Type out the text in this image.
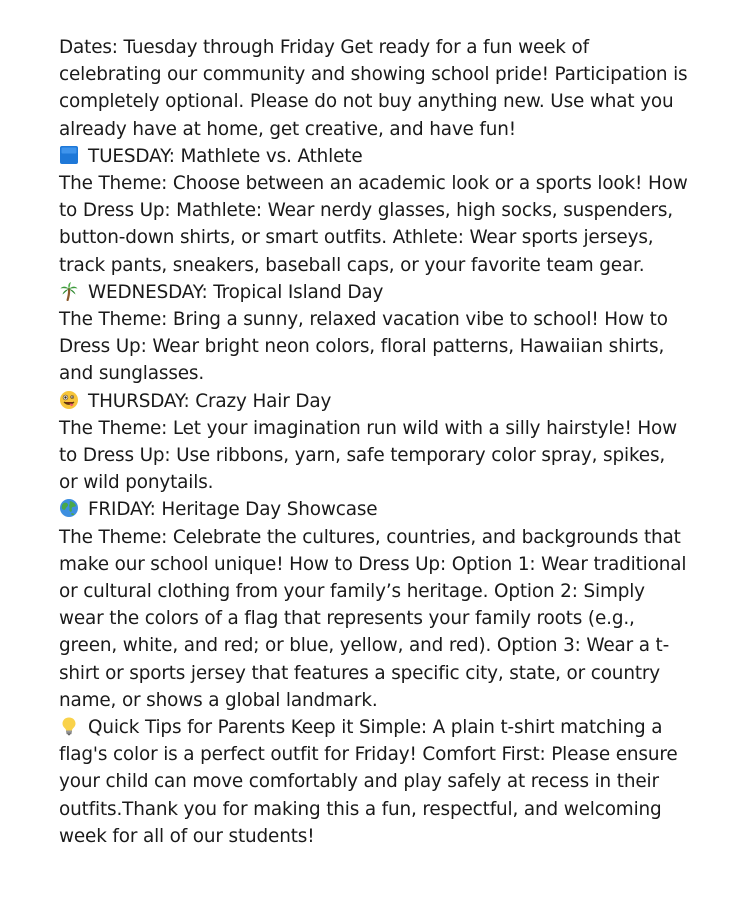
Dates: Tuesday through Friday Get ready for a fun week of celebrating our community and showing school pride! Participation is completely optional. Please do not buy anything new. Use what you already have at home, get creative, and have fun!
TUESDAY: Mathlete vs. Athlete
The Theme: Choose between an academic look or a sports look! How to Dress Up: Mathlete: Wear nerdy glasses, high socks, suspenders, button-down shirts, or smart outfits. Athlete: Wear sports jerseys, track pants, sneakers, baseball caps, or your favorite team gear.
WEDNESDAY: Tropical Island Day
The Theme: Bring a sunny, relaxed vacation vibe to school! How to Dress Up: Wear bright neon colors, floral patterns, Hawaiian shirts, and sunglasses.
THURSDAY: Crazy Hair Day
The Theme: Let your imagination run wild with a silly hairstyle! How to Dress Up: Use ribbons, yarn, safe temporary color spray, spikes, or wild ponytails.
FRIDAY: Heritage Day Showcase
The Theme: Celebrate the cultures, countries, and backgrounds that make our school unique! How to Dress Up: Option 1: Wear traditional or cultural clothing from your family’s heritage. Option 2: Simply wear the colors of a flag that represents your family roots (e.g., green, white, and red; or blue, yellow, and red). Option 3: Wear a t-shirt or sports jersey that features a specific city, state, or country name, or shows a global landmark.
Quick Tips for Parents Keep it Simple: A plain t-shirt matching a flag's color is a perfect outfit for Friday! Comfort First: Please ensure your child can move comfortably and play safely at recess in their outfits.Thank you for making this a fun, respectful, and welcoming week for all of our students!
